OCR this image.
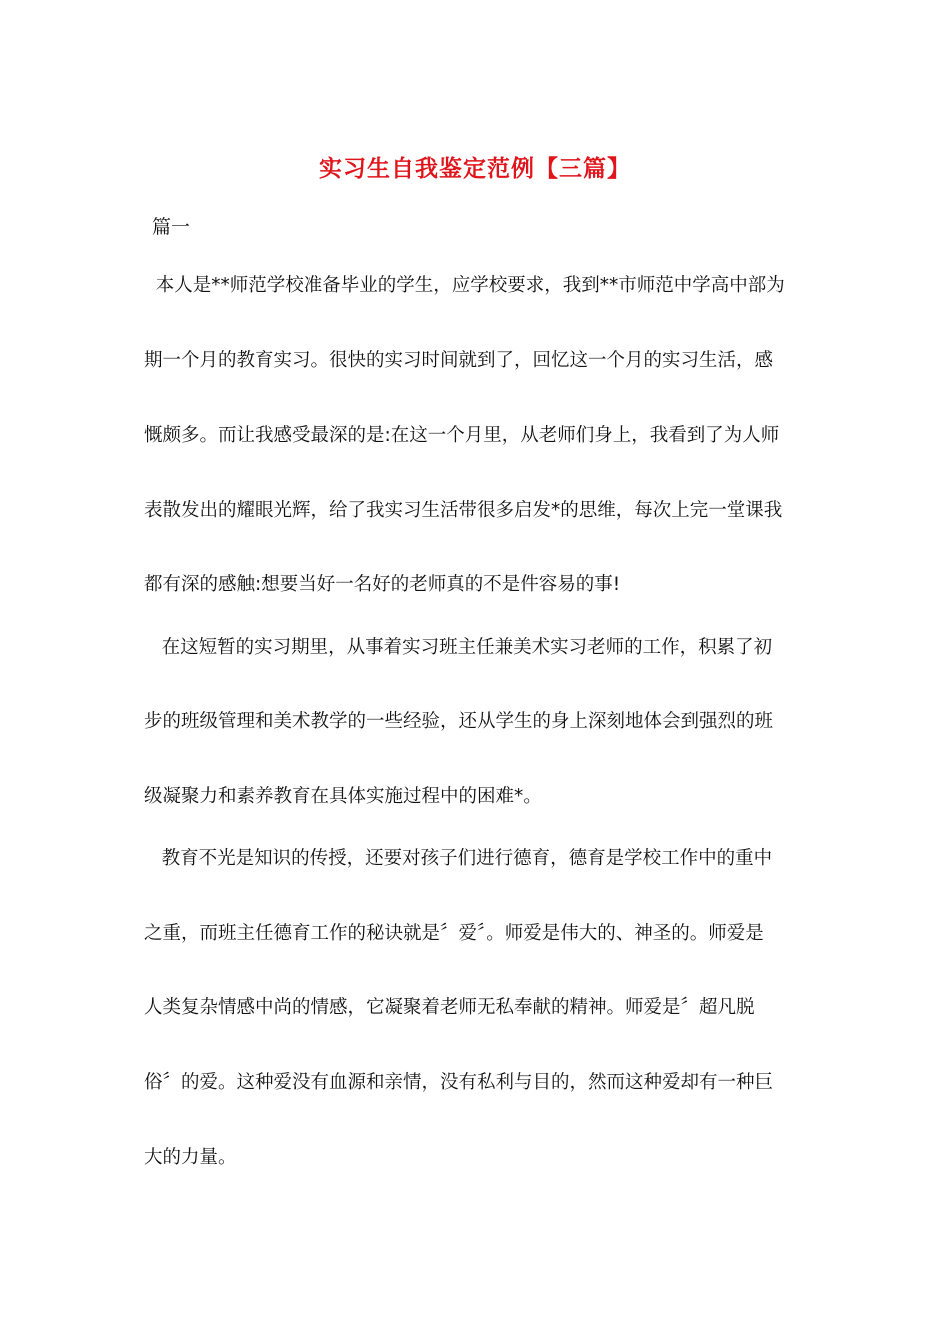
实习生自我鉴定范例【三篇】
篇一
本人是**师范学校准备毕业的学生，应学校要求，我到**市师范中学高中部为
期一个月的教育实习。很快的实习时间就到了，回忆这一个月的实习生活，感
慨颇多。而让我感受最深的是:在这一个月里，从老师们身上，我看到了为人师
表散发出的耀眼光辉，给了我实习生活带很多启发*的思维，每次上完一堂课我
都有深的感触:想要当好一名好的老师真的不是件容易的事!
在这短暂的实习期里，从事着实习班主任兼美术实习老师的工作，积累了初
步的班级管理和美术教学的一些经验，还从学生的身上深刻地体会到强烈的班
级凝聚力和素养教育在具体实施过程中的困难*。
教育不光是知识的传授，还要对孩子们进行德育，德育是学校工作中的重中
之重，而班主任德育工作的秘诀就是〞爱〞。师爱是伟大的、神圣的。师爱是
人类复杂情感中尚的情感，它凝聚着老师无私奉献的精神。师爱是〞超凡脱
俗〞的爱。这种爱没有血源和亲情，没有私利与目的，然而这种爱却有一种巨
大的力量。
